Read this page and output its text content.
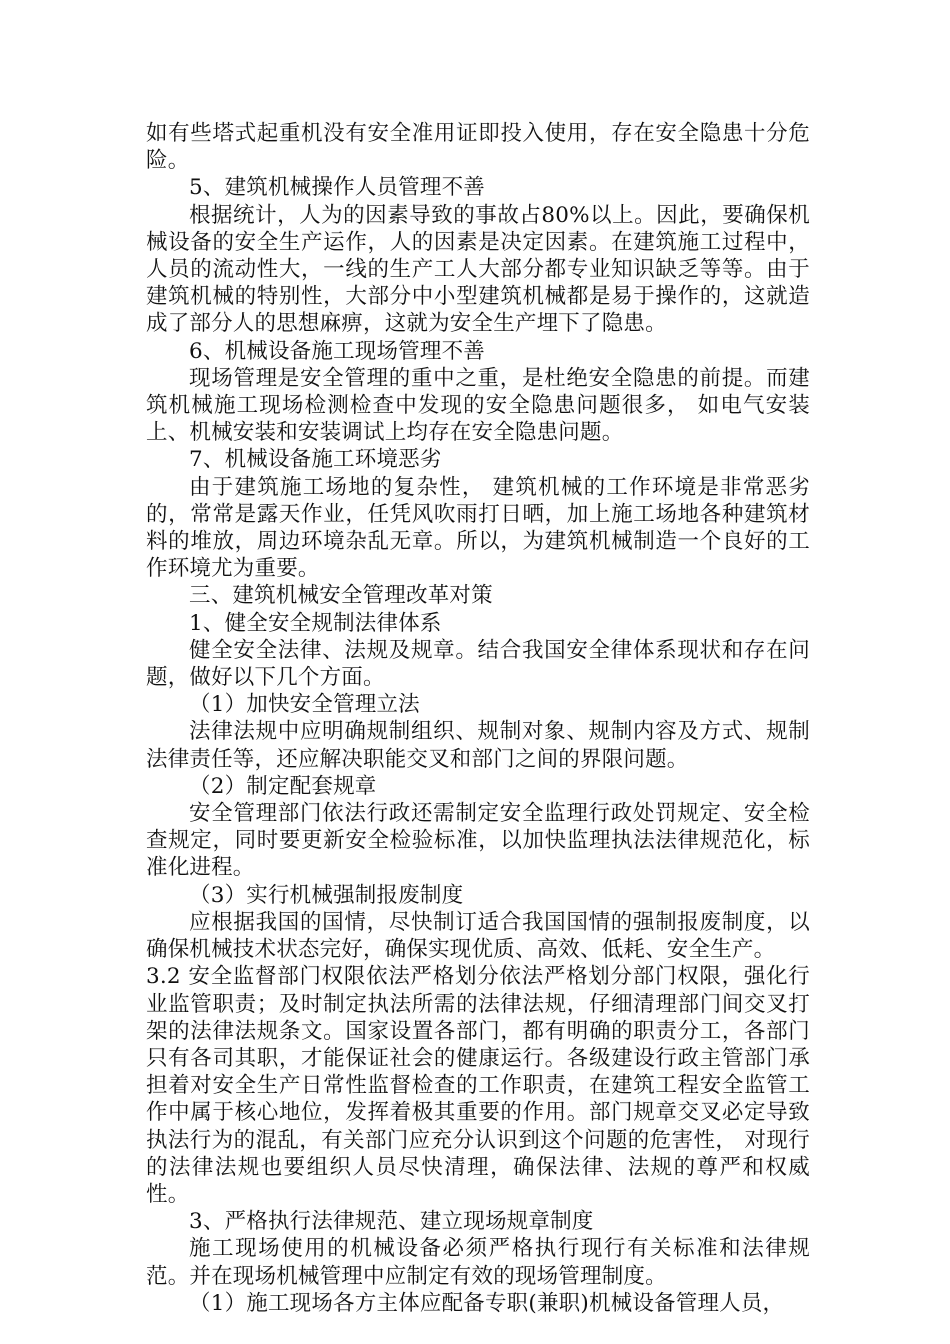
如有些塔式起重机没有安全准用证即投入使用，存在安全隐患十分危险。

5、建筑机械操作人员管理不善

根据统计，人为的因素导致的事故占80%以上。因此，要确保机械设备的安全生产运作，人的因素是决定因素。在建筑施工过程中，人员的流动性大，一线的生产工人大部分都专业知识缺乏等等。由于建筑机械的特别性，大部分中小型建筑机械都是易于操作的，这就造成了部分人的思想麻痹，这就为安全生产埋下了隐患。

6、机械设备施工现场管理不善

现场管理是安全管理的重中之重，是杜绝安全隐患的前提。而建筑机械施工现场检测检查中发现的安全隐患问题很多， 如电气安装上、机械安装和安装调试上均存在安全隐患问题。

7、机械设备施工环境恶劣

由于建筑施工场地的复杂性， 建筑机械的工作环境是非常恶劣的，常常是露天作业，任凭风吹雨打日晒，加上施工场地各种建筑材料的堆放，周边环境杂乱无章。所以，为建筑机械制造一个良好的工作环境尤为重要。

三、建筑机械安全管理改革对策

1、健全安全规制法律体系

健全安全法律、法规及规章。结合我国安全律体系现状和存在问题，做好以下几个方面。

（1）加快安全管理立法

法律法规中应明确规制组织、规制对象、规制内容及方式、规制法律责任等，还应解决职能交叉和部门之间的界限问题。

（2）制定配套规章

安全管理部门依法行政还需制定安全监理行政处罚规定、安全检查规定，同时要更新安全检验标准，以加快监理执法法律规范化，标准化进程。

（3）实行机械强制报废制度

应根据我国的国情，尽快制订适合我国国情的强制报废制度，以确保机械技术状态完好，确保实现优质、高效、低耗、安全生产。

3.2 安全监督部门权限依法严格划分依法严格划分部门权限，强化行业监管职责；及时制定执法所需的法律法规，仔细清理部门间交叉打架的法律法规条文。国家设置各部门，都有明确的职责分工，各部门只有各司其职，才能保证社会的健康运行。各级建设行政主管部门承担着对安全生产日常性监督检查的工作职责，在建筑工程安全监管工作中属于核心地位，发挥着极其重要的作用。部门规章交叉必定导致执法行为的混乱，有关部门应充分认识到这个问题的危害性， 对现行的法律法规也要组织人员尽快清理，确保法律、法规的尊严和权威性。

3、严格执行法律规范、建立现场规章制度

施工现场使用的机械设备必须严格执行现行有关标准和法律规范。并在现场机械管理中应制定有效的现场管理制度。

（1）施工现场各方主体应配备专职(兼职)机械设备管理人员，
